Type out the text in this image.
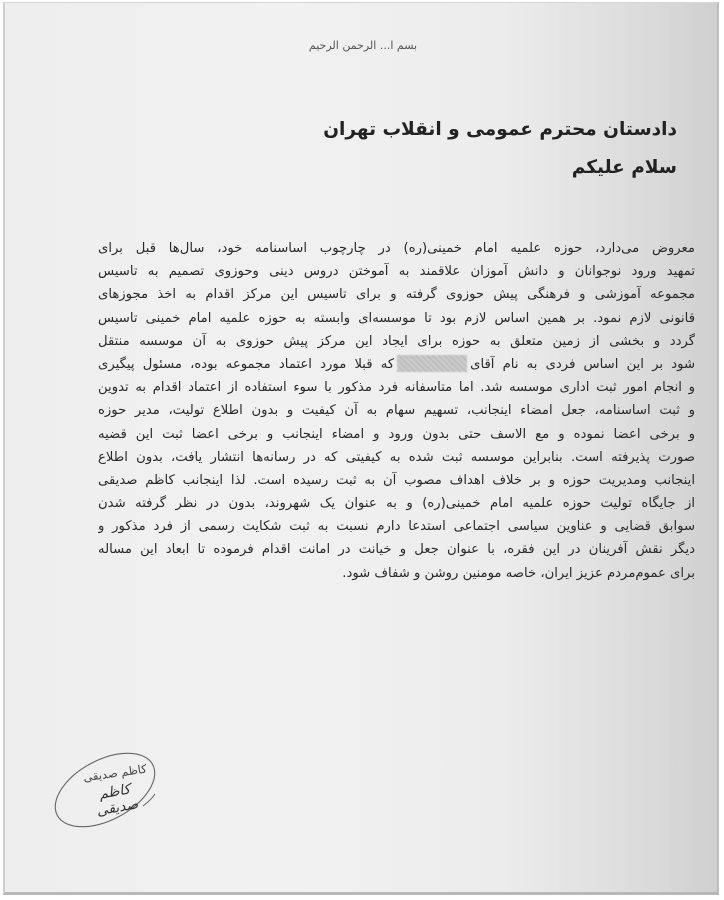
بسم ا... الرحمن الرحیم
دادستان محترم عمومی و انقلاب تهران
سلام علیکم
معروض می‌دارد، حوزه علمیه امام خمینی(ره) در چارچوب اساسنامه خود، سال‌ها قبل برای
تمهید ورود نوجوانان و دانش آموزان علاقمند به آموختن دروس دینی وحوزوی تصمیم به تاسیس
مجموعه آموزشی و فرهنگی پیش حوزوی گرفته و برای تاسیس این مرکز اقدام به اخذ مجوزهای
قانونی لازم نمود. بر همین اساس لازم بود تا موسسه‌ای وابسته به حوزه علمیه امام خمینی تاسیس
گردد و بخشی از زمین متعلق به حوزه برای ایجاد این مرکز پیش حوزوی به آن موسسه منتقل
شود بر این اساس فردی به نام آقایکه قبلا مورد اعتماد مجموعه بوده، مسئول پیگیری
و انجام امور ثبت اداری موسسه شد. اما متاسفانه فرد مذکور با سوء استفاده از اعتماد اقدام به تدوین
و ثبت اساسنامه، جعل امضاء اینجانب، تسهیم سهام به آن کیفیت و بدون اطلاع تولیت، مدیر حوزه
و برخی اعضا نموده و مع الاسف حتی بدون ورود و امضاء اینجانب و برخی اعضا ثبت این قضیه
صورت پذیرفته است. بنابراین موسسه ثبت شده به کیفیتی که در رسانه‌ها انتشار یافت، بدون اطلاع
اینجانب ومدیریت حوزه و بر خلاف اهداف مصوب آن به ثبت رسیده است. لذا اینجانب کاظم صدیقی
از جایگاه تولیت حوزه علمیه امام خمینی(ره) و به عنوان یک شهروند، بدون در نظر گرفته شدن
سوابق قضایی و عناوین سیاسی اجتماعی استدعا دارم نسبت به ثبت شکایت رسمی از فرد مذکور و
دیگر نقش آفرینان در این فقره، با عنوان جعل و خیانت در امانت اقدام فرموده تا ابعاد این مساله
برای عموم‌مردم عزیز ایران، خاصه مومنین روشن و شفاف شود.
کاظم صدیقی
کاظم صدیقی
